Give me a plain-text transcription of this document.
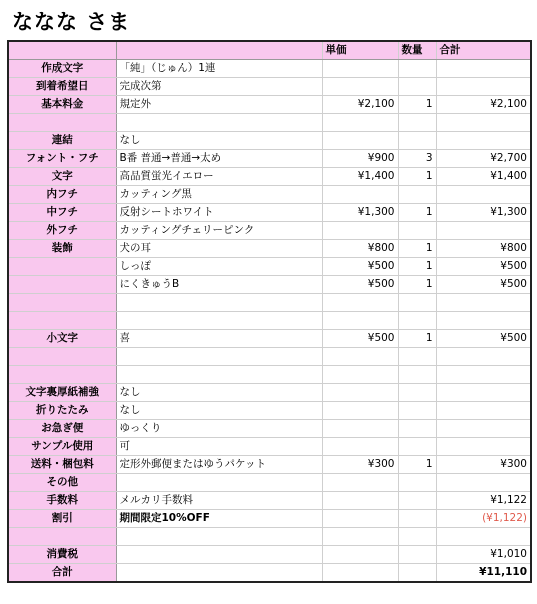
ななな さま
		単価	数量	合計
作成文字	「純」（じゅん）1連			
到着希望日	完成次第			
基本料金	規定外	¥2,100	1	¥2,100

連結	なし			
フォント・フチ	B番 普通→普通→太め	¥900	3	¥2,700
文字	高品質蛍光イエロー	¥1,400	1	¥1,400
内フチ	カッティング黒			
中フチ	反射シートホワイト	¥1,300	1	¥1,300
外フチ	カッティングチェリーピンク			
装飾	犬の耳	¥800	1	¥800
	しっぽ	¥500	1	¥500
	にくきゅうB	¥500	1	¥500

小文字	喜	¥500	1	¥500

文字裏厚紙補強	なし			
折りたたみ	なし			
お急ぎ便	ゆっくり			
サンプル使用	可			
送料・梱包料	定形外郵便またはゆうパケット	¥300	1	¥300
その他				
手数料	メルカリ手数料			¥1,122
割引	期間限定10%OFF			(¥1,122)

消費税				¥1,010
合計				¥11,110
